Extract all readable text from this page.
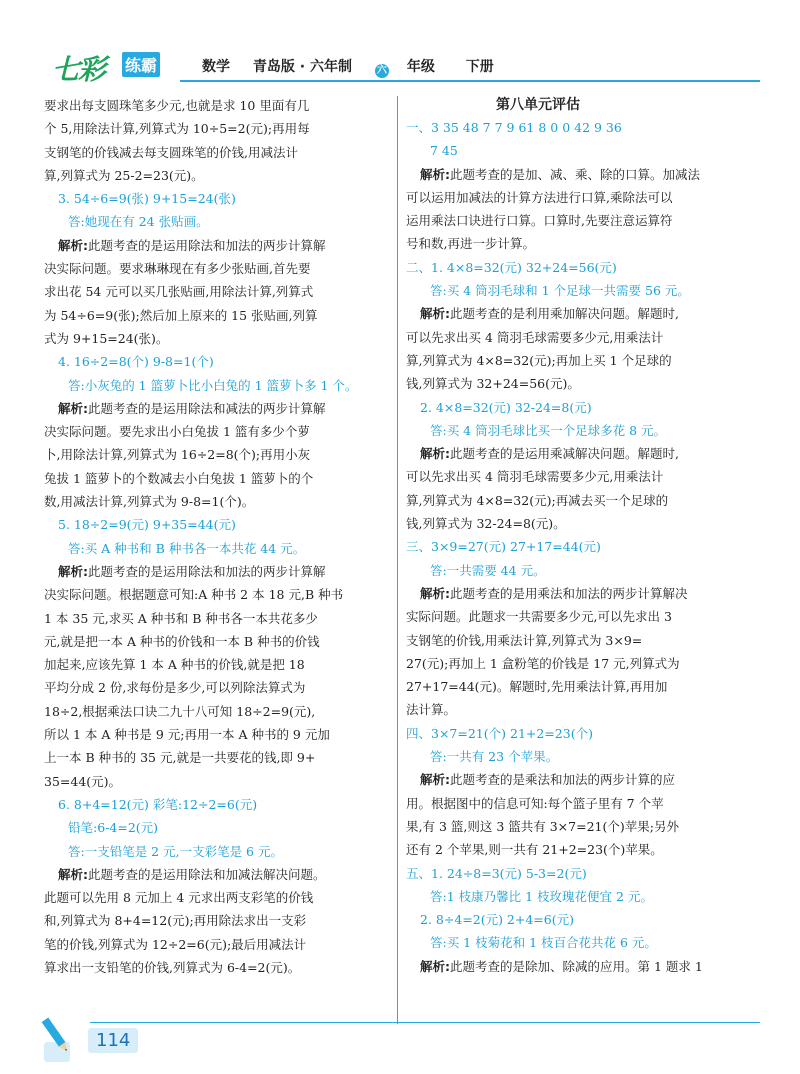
七彩 练霸	数学 青岛版 · 六年制 六 年级 下册

要求出每支圆珠笔多少元,也就是求 10 里面有几

个 5,用除法计算,列算式为 10÷5=2(元);再用每

支钢笔的价钱减去每支圆珠笔的价钱,用减法计

算,列算式为 25-2=23(元)。

3. 54÷6=9(张) 9+15=24(张)

答:她现在有 24 张贴画。

解析:此题考查的是运用除法和加法的两步计算解

决实际问题。要求琳琳现在有多少张贴画,首先要

求出花 54 元可以买几张贴画,用除法计算,列算式

为 54÷6=9(张);然后加上原来的 15 张贴画,列算

式为 9+15=24(张)。

4. 16÷2=8(个) 9-8=1(个)

答:小灰兔的 1 篮萝卜比小白兔的 1 篮萝卜多 1 个。

解析:此题考查的是运用除法和减法的两步计算解

决实际问题。要先求出小白兔拔 1 篮有多少个萝

卜,用除法计算,列算式为 16÷2=8(个);再用小灰

兔拔 1 篮萝卜的个数减去小白兔拔 1 篮萝卜的个

数,用减法计算,列算式为 9-8=1(个)。

5. 18÷2=9(元) 9+35=44(元)

答:买 A 种书和 B 种书各一本共花 44 元。

解析:此题考查的是运用除法和加法的两步计算解

决实际问题。根据题意可知:A 种书 2 本 18 元,B 种书

1 本 35 元,求买 A 种书和 B 种书各一本共花多少

元,就是把一本 A 种书的价钱和一本 B 种书的价钱

加起来,应该先算 1 本 A 种书的价钱,就是把 18

平均分成 2 份,求每份是多少,可以列除法算式为

18÷2,根据乘法口诀二九十八可知 18÷2=9(元),

所以 1 本 A 种书是 9 元;再用一本 A 种书的 9 元加

上一本 B 种书的 35 元,就是一共要花的钱,即 9+

35=44(元)。

6. 8+4=12(元) 彩笔:12÷2=6(元)

铅笔:6-4=2(元)

答:一支铅笔是 2 元,一支彩笔是 6 元。

解析:此题考查的是运用除法和加减法解决问题。

此题可以先用 8 元加上 4 元求出两支彩笔的价钱

和,列算式为 8+4=12(元);再用除法求出一支彩

笔的价钱,列算式为 12÷2=6(元);最后用减法计

算求出一支铅笔的价钱,列算式为 6-4=2(元)。

第八单元评估

一、3 35 48 7 7 9 61 8 0 0 42 9 36

7 45

解析:此题考查的是加、减、乘、除的口算。加减法

可以运用加减法的计算方法进行口算,乘除法可以

运用乘法口诀进行口算。口算时,先要注意运算符

号和数,再进一步计算。

二、1. 4×8=32(元) 32+24=56(元)

答:买 4 筒羽毛球和 1 个足球一共需要 56 元。

解析:此题考查的是利用乘加解决问题。解题时,

可以先求出买 4 筒羽毛球需要多少元,用乘法计

算,列算式为 4×8=32(元);再加上买 1 个足球的

钱,列算式为 32+24=56(元)。

2. 4×8=32(元) 32-24=8(元)

答:买 4 筒羽毛球比买一个足球多花 8 元。

解析:此题考查的是运用乘减解决问题。解题时,

可以先求出买 4 筒羽毛球需要多少元,用乘法计

算,列算式为 4×8=32(元);再减去买一个足球的

钱,列算式为 32-24=8(元)。

三、3×9=27(元) 27+17=44(元)

答:一共需要 44 元。

解析:此题考查的是用乘法和加法的两步计算解决

实际问题。此题求一共需要多少元,可以先求出 3

支钢笔的价钱,用乘法计算,列算式为 3×9=

27(元);再加上 1 盒粉笔的价钱是 17 元,列算式为

27+17=44(元)。解题时,先用乘法计算,再用加

法计算。

四、3×7=21(个) 21+2=23(个)

答:一共有 23 个苹果。

解析:此题考查的是乘法和加法的两步计算的应

用。根据图中的信息可知:每个篮子里有 7 个苹

果,有 3 篮,则这 3 篮共有 3×7=21(个)苹果;另外

还有 2 个苹果,则一共有 21+2=23(个)苹果。

五、1. 24÷8=3(元) 5-3=2(元)

答:1 枝康乃馨比 1 枝玫瑰花便宜 2 元。

2. 8÷4=2(元) 2+4=6(元)

答:买 1 枝菊花和 1 枝百合花共花 6 元。

解析:此题考查的是除加、除减的应用。第 1 题求 1

114
